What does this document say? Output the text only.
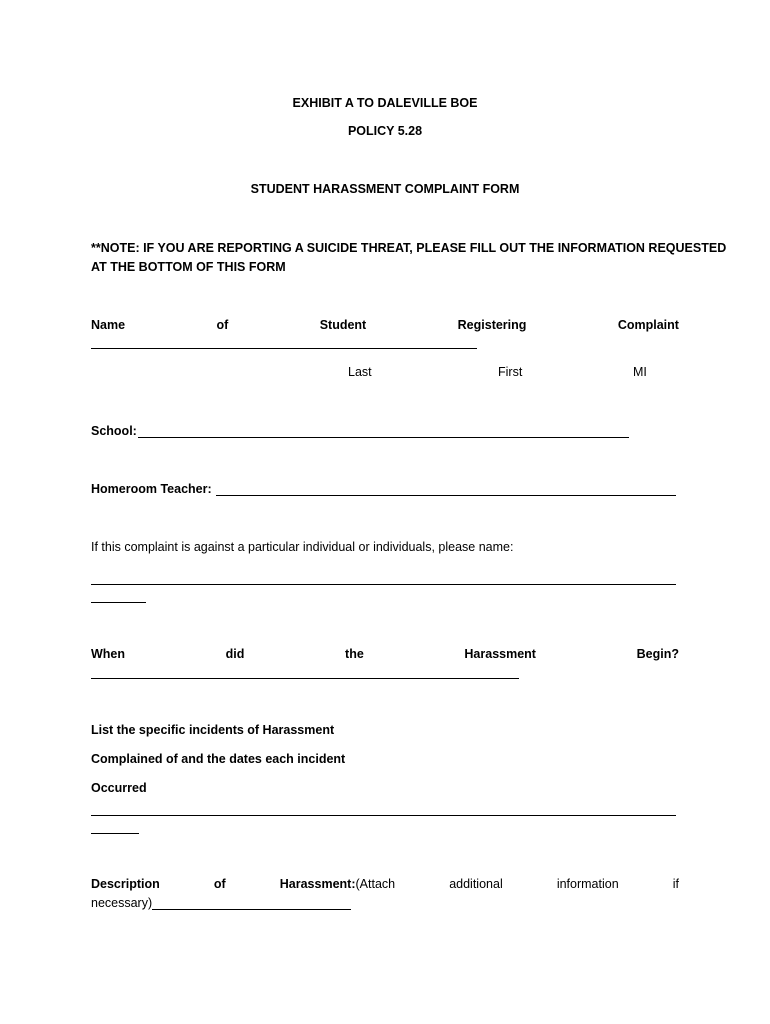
EXHIBIT A TO DALEVILLE BOE
POLICY 5.28
STUDENT HARASSMENT COMPLAINT FORM
**NOTE: IF YOU ARE REPORTING A SUICIDE THREAT, PLEASE FILL OUT THE INFORMATION REQUESTED
AT THE BOTTOM OF THIS FORM
Name	of	Student	Registering	Complaint
Last	First	MI
School:
Homeroom Teacher:
If this complaint is against a particular individual or individuals, please name:
When	did	the	Harassment	Begin?
List the specific incidents of Harassment
Complained of and the dates each incident
Occurred
Description	of	Harassment:(Attach	additional	information	if
necessary)
